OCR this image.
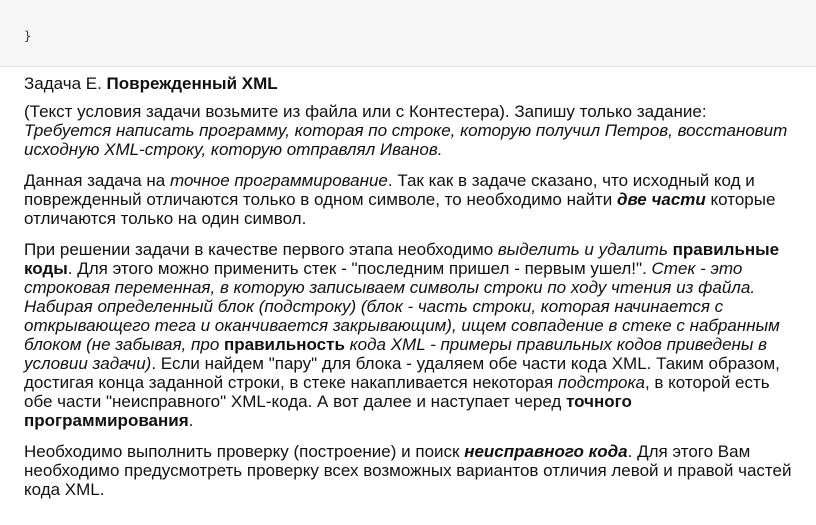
}
Задача Е. Поврежденный XML

(Текст условия задачи возьмите из файла или с Контестера). Запишу только задание: Требуется написать программу, которая по строке, которую получил Петров, восстановит исходную XML-строку, которую отправлял Иванов.

Данная задача на точное программирование. Так как в задаче сказано, что исходный код и поврежденный отличаются только в одном символе, то необходимо найти две части которые отличаются только на один символ.

При решении задачи в качестве первого этапа необходимо выделить и удалить правильные коды. Для этого можно применить стек - "последним пришел - первым ушел!". Стек - это строковая переменная, в которую записываем символы строки по ходу чтения из файла. Набирая определенный блок (подстроку) (блок - часть строки, которая начинается с открывающего тега и оканчивается закрывающим), ищем совпадение в стеке с набранным блоком (не забывая, про правильность кода XML - примеры правильных кодов приведены в условии задачи). Если найдем "пару" для блока - удаляем обе части кода XML. Таким образом, достигая конца заданной строки, в стеке накапливается некоторая подстрока, в которой есть обе части "неисправного" XML-кода. А вот далее и наступает черед точного программирования.

Необходимо выполнить проверку (построение) и поиск неисправного кода. Для этого Вам необходимо предусмотреть проверку всех возможных вариантов отличия левой и правой частей кода XML.
